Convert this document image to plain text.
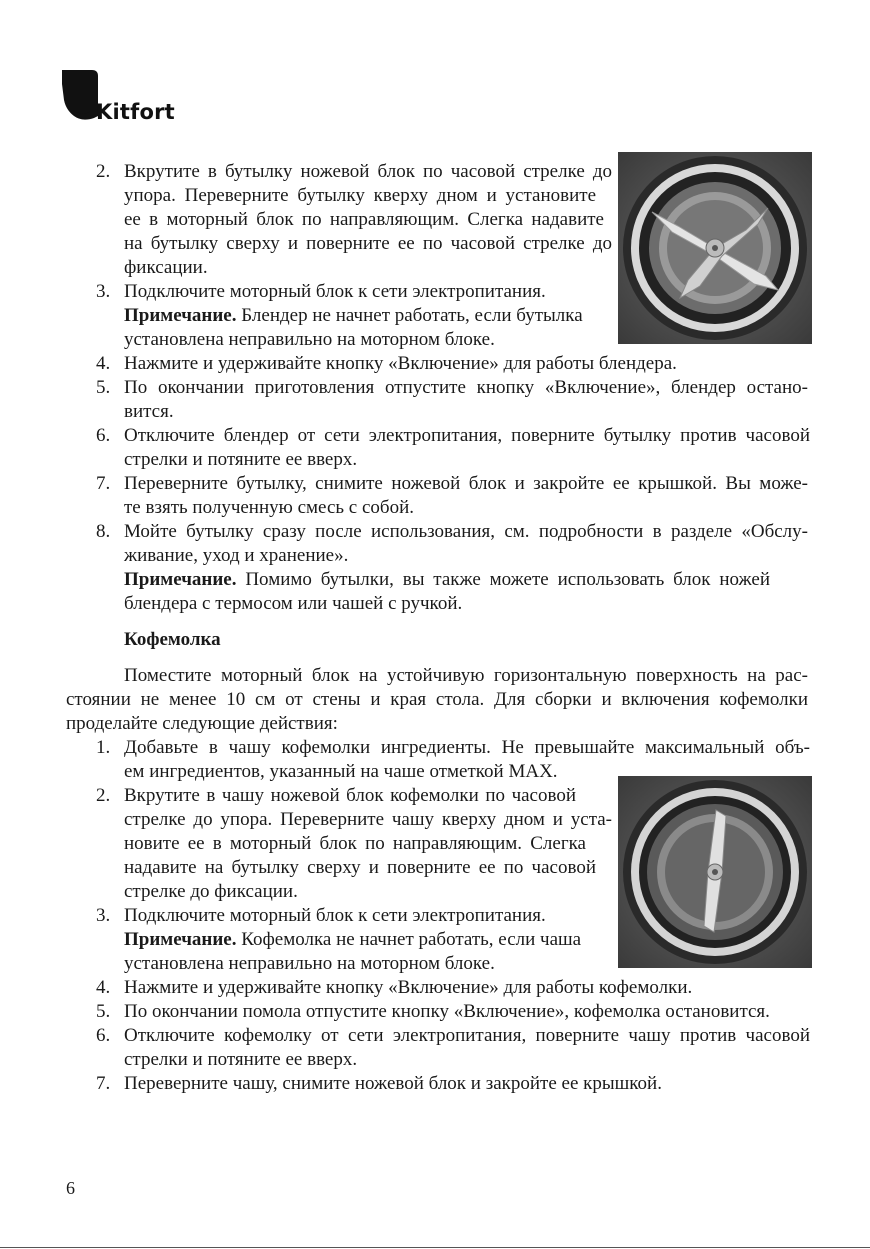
Kitfort
2. Вкрутите в бутылку ножевой блок по часовой стрелке до
упора. Переверните бутылку кверху дном и установите
ее в моторный блок по направляющим. Слегка надавите
на бутылку сверху и поверните ее по часовой стрелке до
фиксации.
3. Подключите моторный блок к сети электропитания.
Примечание. Блендер не начнет работать, если бутылка
установлена неправильно на моторном блоке.
4. Нажмите и удерживайте кнопку «Включение» для работы блендера.
5. По окончании приготовления отпустите кнопку «Включение», блендер остано-
вится.
6. Отключите блендер от сети электропитания, поверните бутылку против часовой
стрелки и потяните ее вверх.
7. Переверните бутылку, снимите ножевой блок и закройте ее крышкой. Вы може-
те взять полученную смесь с собой.
8. Мойте бутылку сразу после использования, см. подробности в разделе «Обслу-
живание, уход и хранение».
Примечание. Помимо бутылки, вы также можете использовать блок ножей
блендера с термосом или чашей с ручкой.
Кофемолка
Поместите моторный блок на устойчивую горизонтальную поверхность на рас-
стоянии не менее 10 см от стены и края стола. Для сборки и включения кофемолки
проделайте следующие действия:
1. Добавьте в чашу кофемолки ингредиенты. Не превышайте максимальный объ-
ем ингредиентов, указанный на чаше отметкой MAX.
2. Вкрутите в чашу ножевой блок кофемолки по часовой
стрелке до упора. Переверните чашу кверху дном и уста-
новите ее в моторный блок по направляющим. Слегка
надавите на бутылку сверху и поверните ее по часовой
стрелке до фиксации.
3. Подключите моторный блок к сети электропитания.
Примечание. Кофемолка не начнет работать, если чаша
установлена неправильно на моторном блоке.
4. Нажмите и удерживайте кнопку «Включение» для работы кофемолки.
5. По окончании помола отпустите кнопку «Включение», кофемолка остановится.
6. Отключите кофемолку от сети электропитания, поверните чашу против часовой
стрелки и потяните ее вверх.
7. Переверните чашу, снимите ножевой блок и закройте ее крышкой.
6
